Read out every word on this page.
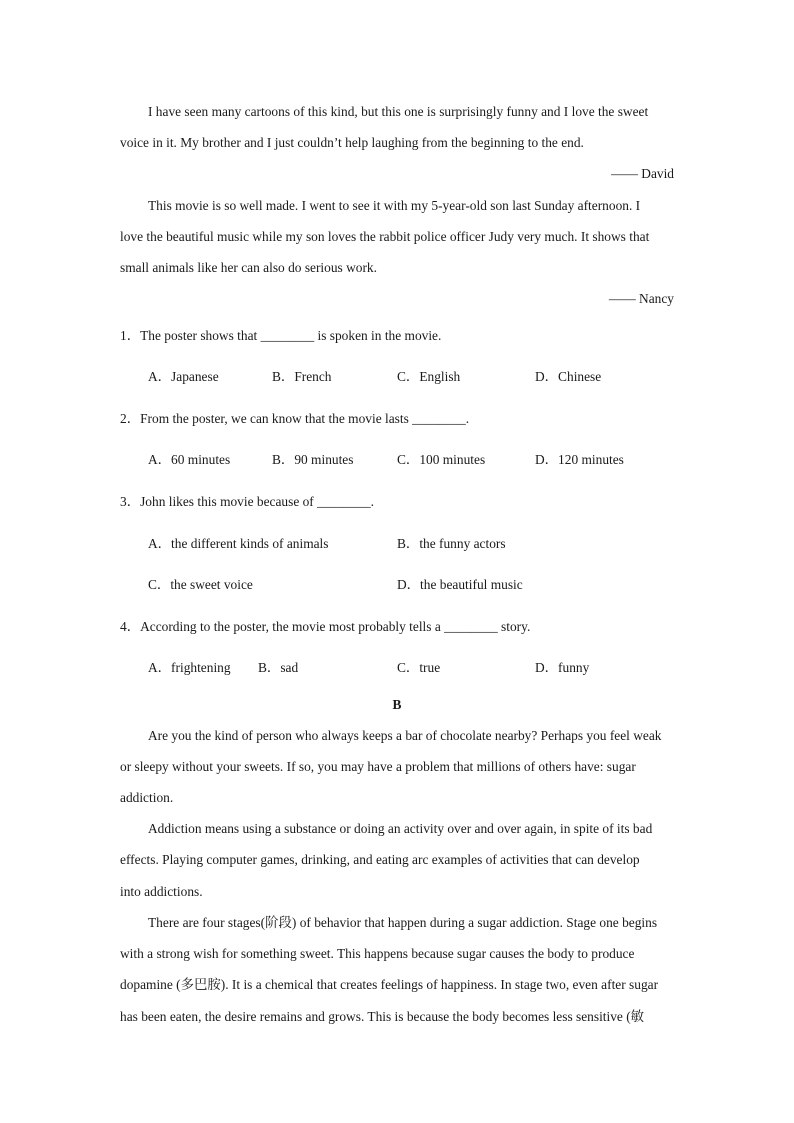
I have seen many cartoons of this kind, but this one is surprisingly funny and I love the sweet
voice in it. My brother and I just couldn’t help laughing from the beginning to the end.
—— David
This movie is so well made. I went to see it with my 5-year-old son last Sunday afternoon. I
love the beautiful music while my son loves the rabbit police officer Judy very much. It shows that
small animals like her can also do serious work.
—— Nancy
1．The poster shows that ________ is spoken in the movie.
A．Japanese	B．French	C．English	D．Chinese
2．From the poster, we can know that the movie lasts ________.
A．60 minutes	B．90 minutes	C．100 minutes	D．120 minutes
3．John likes this movie because of ________.
A．the different kinds of animals	B．the funny actors
C．the sweet voice	D．the beautiful music
4．According to the poster, the movie most probably tells a ________ story.
A．frightening B．sad	C．true	D．funny
B
Are you the kind of person who always keeps a bar of chocolate nearby? Perhaps you feel weak
or sleepy without your sweets. If so, you may have a problem that millions of others have: sugar
addiction.
Addiction means using a substance or doing an activity over and over again, in spite of its bad
effects. Playing computer games, drinking, and eating arc examples of activities that can develop
into addictions.
There are four stages(阶段) of behavior that happen during a sugar addiction. Stage one begins
with a strong wish for something sweet. This happens because sugar causes the body to produce
dopamine (多巴胺). It is a chemical that creates feelings of happiness. In stage two, even after sugar
has been eaten, the desire remains and grows. This is because the body becomes less sensitive (敏
